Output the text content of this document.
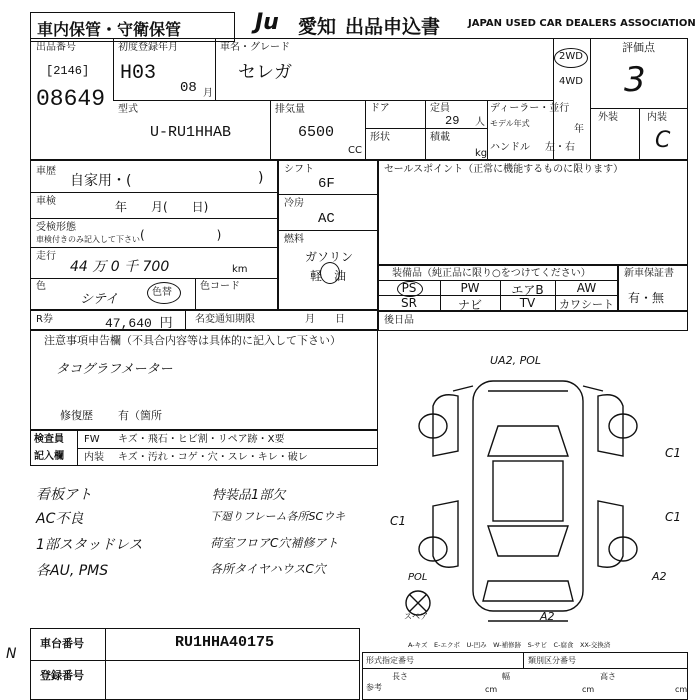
車内保管・守衛保管	Ju 愛知 出品申込書	JAPAN USED CAR DEALERS ASSOCIATION
出品番号
[2146]
08649
初度登録年月
H03
08 月
車名・グレード
セレガ
2WD
4WD
評価点
3
外装	内装
C
型式
U-RU1HHAB
排気量
6500
CC
ドア
形状
定員
29 人
積載
kg
ディーラー・並行
モデル年式
年
ハンドル 左・右
車歴
自家用・(	)
車検	年　　月(　　日)
受検形態
車検付きのみ記入して下さい (　　　　　　)
走行
44 万 0 千 700	km
色
シテイ	色替
色コード
R券	47,640 円 名変通知期限	月　　日
シフト
6F
冷房
AC
燃料
ガソリン
軽　油
セールスポイント（正常に機能するものに限ります）
装備品（純正品に限り○をつけてください）
PS	PW	エアB	AW
SR	ナビ	TV	カワシート
新車保証書
有・無
後日品
注意事項申告欄（不具合内容等は具体的に記入して下さい）
タコグラフメーター
修復歴 有（箇所
検査員
記入欄
FW キズ・飛石・ヒビ割・リペア跡・X要
内装 キズ・汚れ・コゲ・穴・スレ・キレ・破レ
看板アト
AC不良
1部スタッドレス
各AU, PMS
特装品1部欠
下廻りフレーム各所SCウキ
荷室フロアC穴補修アト
各所タイヤハウスC穴
UA2, POL
C1
C1
C1
A2
A2
POL
スペア
A-キズ　E-エクボ　U-凹み　W-補修跡　S-サビ　C-腐食　XX-交換済
N
車台番号	RU1HHA40175
登録番号
形式指定番号	類別区分番号
参考
長さ
cm
幅
cm
高さ
cm
